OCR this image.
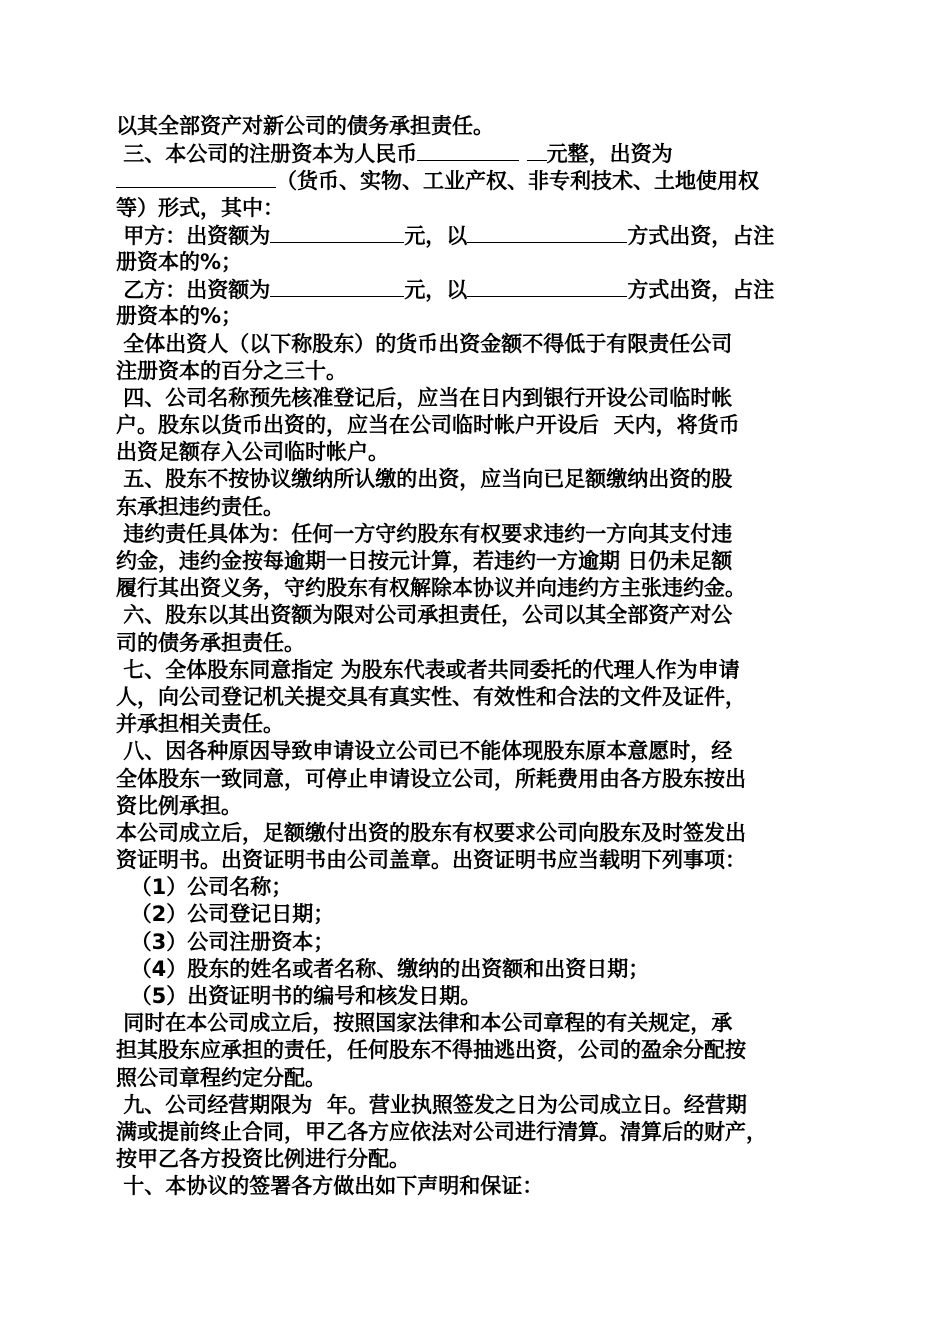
以其全部资产对新公司的债务承担责任。
三、本公司的注册资本为人民币	元整，出资为
（货币、实物、工业产权、非专利技术、土地使用权
等）形式，其中：
甲方：出资额为	元，以	方式出资，占注
册资本的%；
乙方：出资额为	元，以	方式出资，占注
册资本的%；
全体出资人（以下称股东）的货币出资金额不得低于有限责任公司
注册资本的百分之三十。
四、公司名称预先核准登记后，应当在日内到银行开设公司临时帐
户。股东以货币出资的，应当在公司临时帐户开设后  天内，将货币
出资足额存入公司临时帐户。
五、股东不按协议缴纳所认缴的出资，应当向已足额缴纳出资的股
东承担违约责任。
违约责任具体为：任何一方守约股东有权要求违约一方向其支付违
约金，违约金按每逾期一日按元计算，若违约一方逾期 日仍未足额
履行其出资义务，守约股东有权解除本协议并向违约方主张违约金。
六、股东以其出资额为限对公司承担责任，公司以其全部资产对公
司的债务承担责任。
七、全体股东同意指定 为股东代表或者共同委托的代理人作为申请
人，向公司登记机关提交具有真实性、有效性和合法的文件及证件，
并承担相关责任。
八、因各种原因导致申请设立公司已不能体现股东原本意愿时，经
全体股东一致同意，可停止申请设立公司，所耗费用由各方股东按出
资比例承担。
本公司成立后，足额缴付出资的股东有权要求公司向股东及时签发出
资证明书。出资证明书由公司盖章。出资证明书应当载明下列事项：
（1）公司名称；
（2）公司登记日期；
（3）公司注册资本；
（4）股东的姓名或者名称、缴纳的出资额和出资日期；
（5）出资证明书的编号和核发日期。
同时在本公司成立后，按照国家法律和本公司章程的有关规定，承
担其股东应承担的责任，任何股东不得抽逃出资，公司的盈余分配按
照公司章程约定分配。
九、公司经营期限为  年。营业执照签发之日为公司成立日。经营期
满或提前终止合同，甲乙各方应依法对公司进行清算。清算后的财产，
按甲乙各方投资比例进行分配。
十、本协议的签署各方做出如下声明和保证：
